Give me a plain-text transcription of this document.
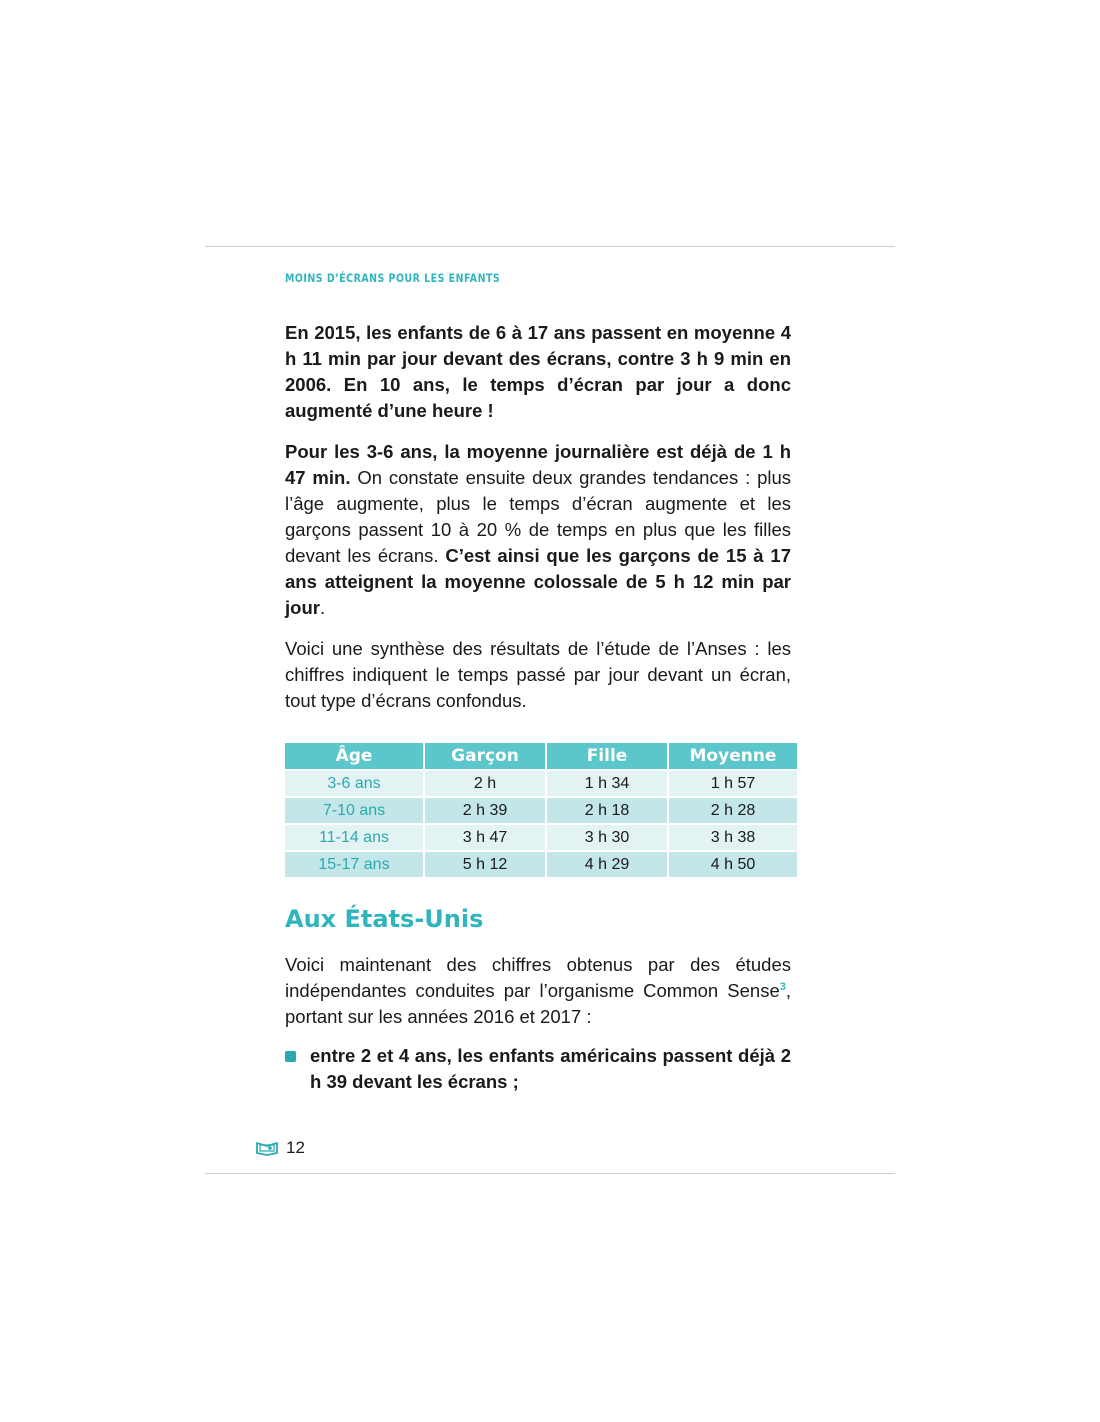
MOINS D’ÉCRANS POUR LES ENFANTS

En 2015, les enfants de 6 à 17 ans passent en moyenne 4 h 11 min par jour devant des écrans, contre 3 h 9 min en 2006. En 10 ans, le temps d’écran par jour a donc augmenté d’une heure !

Pour les 3-6 ans, la moyenne journalière est déjà de 1 h 47 min. On constate ensuite deux grandes tendances : plus l’âge augmente, plus le temps d’écran augmente et les garçons passent 10 à 20 % de temps en plus que les filles devant les écrans. C’est ainsi que les garçons de 15 à 17 ans atteignent la moyenne colossale de 5 h 12 min par jour.

Voici une synthèse des résultats de l’étude de l’Anses : les chiffres indiquent le temps passé par jour devant un écran, tout type d’écrans confondus.

Âge	Garçon	Fille	Moyenne
3-6 ans	2 h	1 h 34	1 h 57
7-10 ans	2 h 39	2 h 18	2 h 28
11-14 ans	3 h 47	3 h 30	3 h 38
15-17 ans	5 h 12	4 h 29	4 h 50
Aux États-Unis

Voici maintenant des chiffres obtenus par des études indépendantes conduites par l’organisme Common Sense$^3$, portant sur les années 2016 et 2017 :

entre 2 et 4 ans, les enfants américains passent déjà 2 h 39 devant les écrans ;
12
